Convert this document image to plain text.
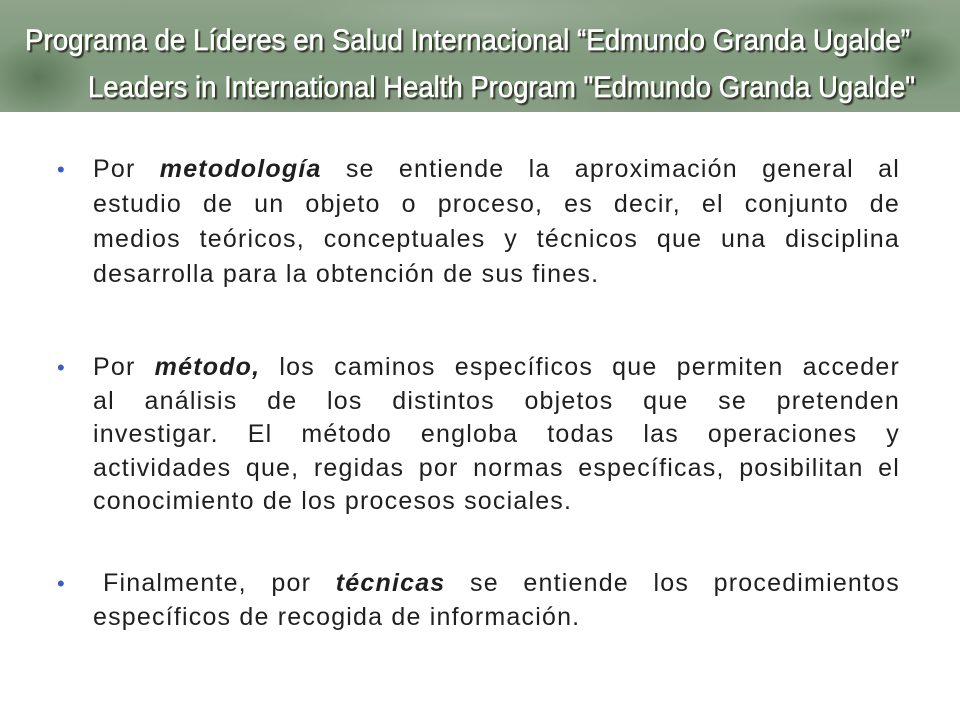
Programa de Líderes en Salud Internacional “Edmundo Granda Ugalde”
Leaders in International Health Program "Edmundo Granda Ugalde"
• Por metodología se entiende la aproximación general al
estudio de un objeto o proceso, es decir, el conjunto de
medios teóricos, conceptuales y técnicos que una disciplina
desarrolla para la obtención de sus fines.
• Por método, los caminos específicos que permiten acceder
al análisis de los distintos objetos que se pretenden
investigar. El método engloba todas las operaciones y
actividades que, regidas por normas específicas, posibilitan el
conocimiento de los procesos sociales.
•	Finalmente, por técnicas se entiende los procedimientos
específicos de recogida de información.
